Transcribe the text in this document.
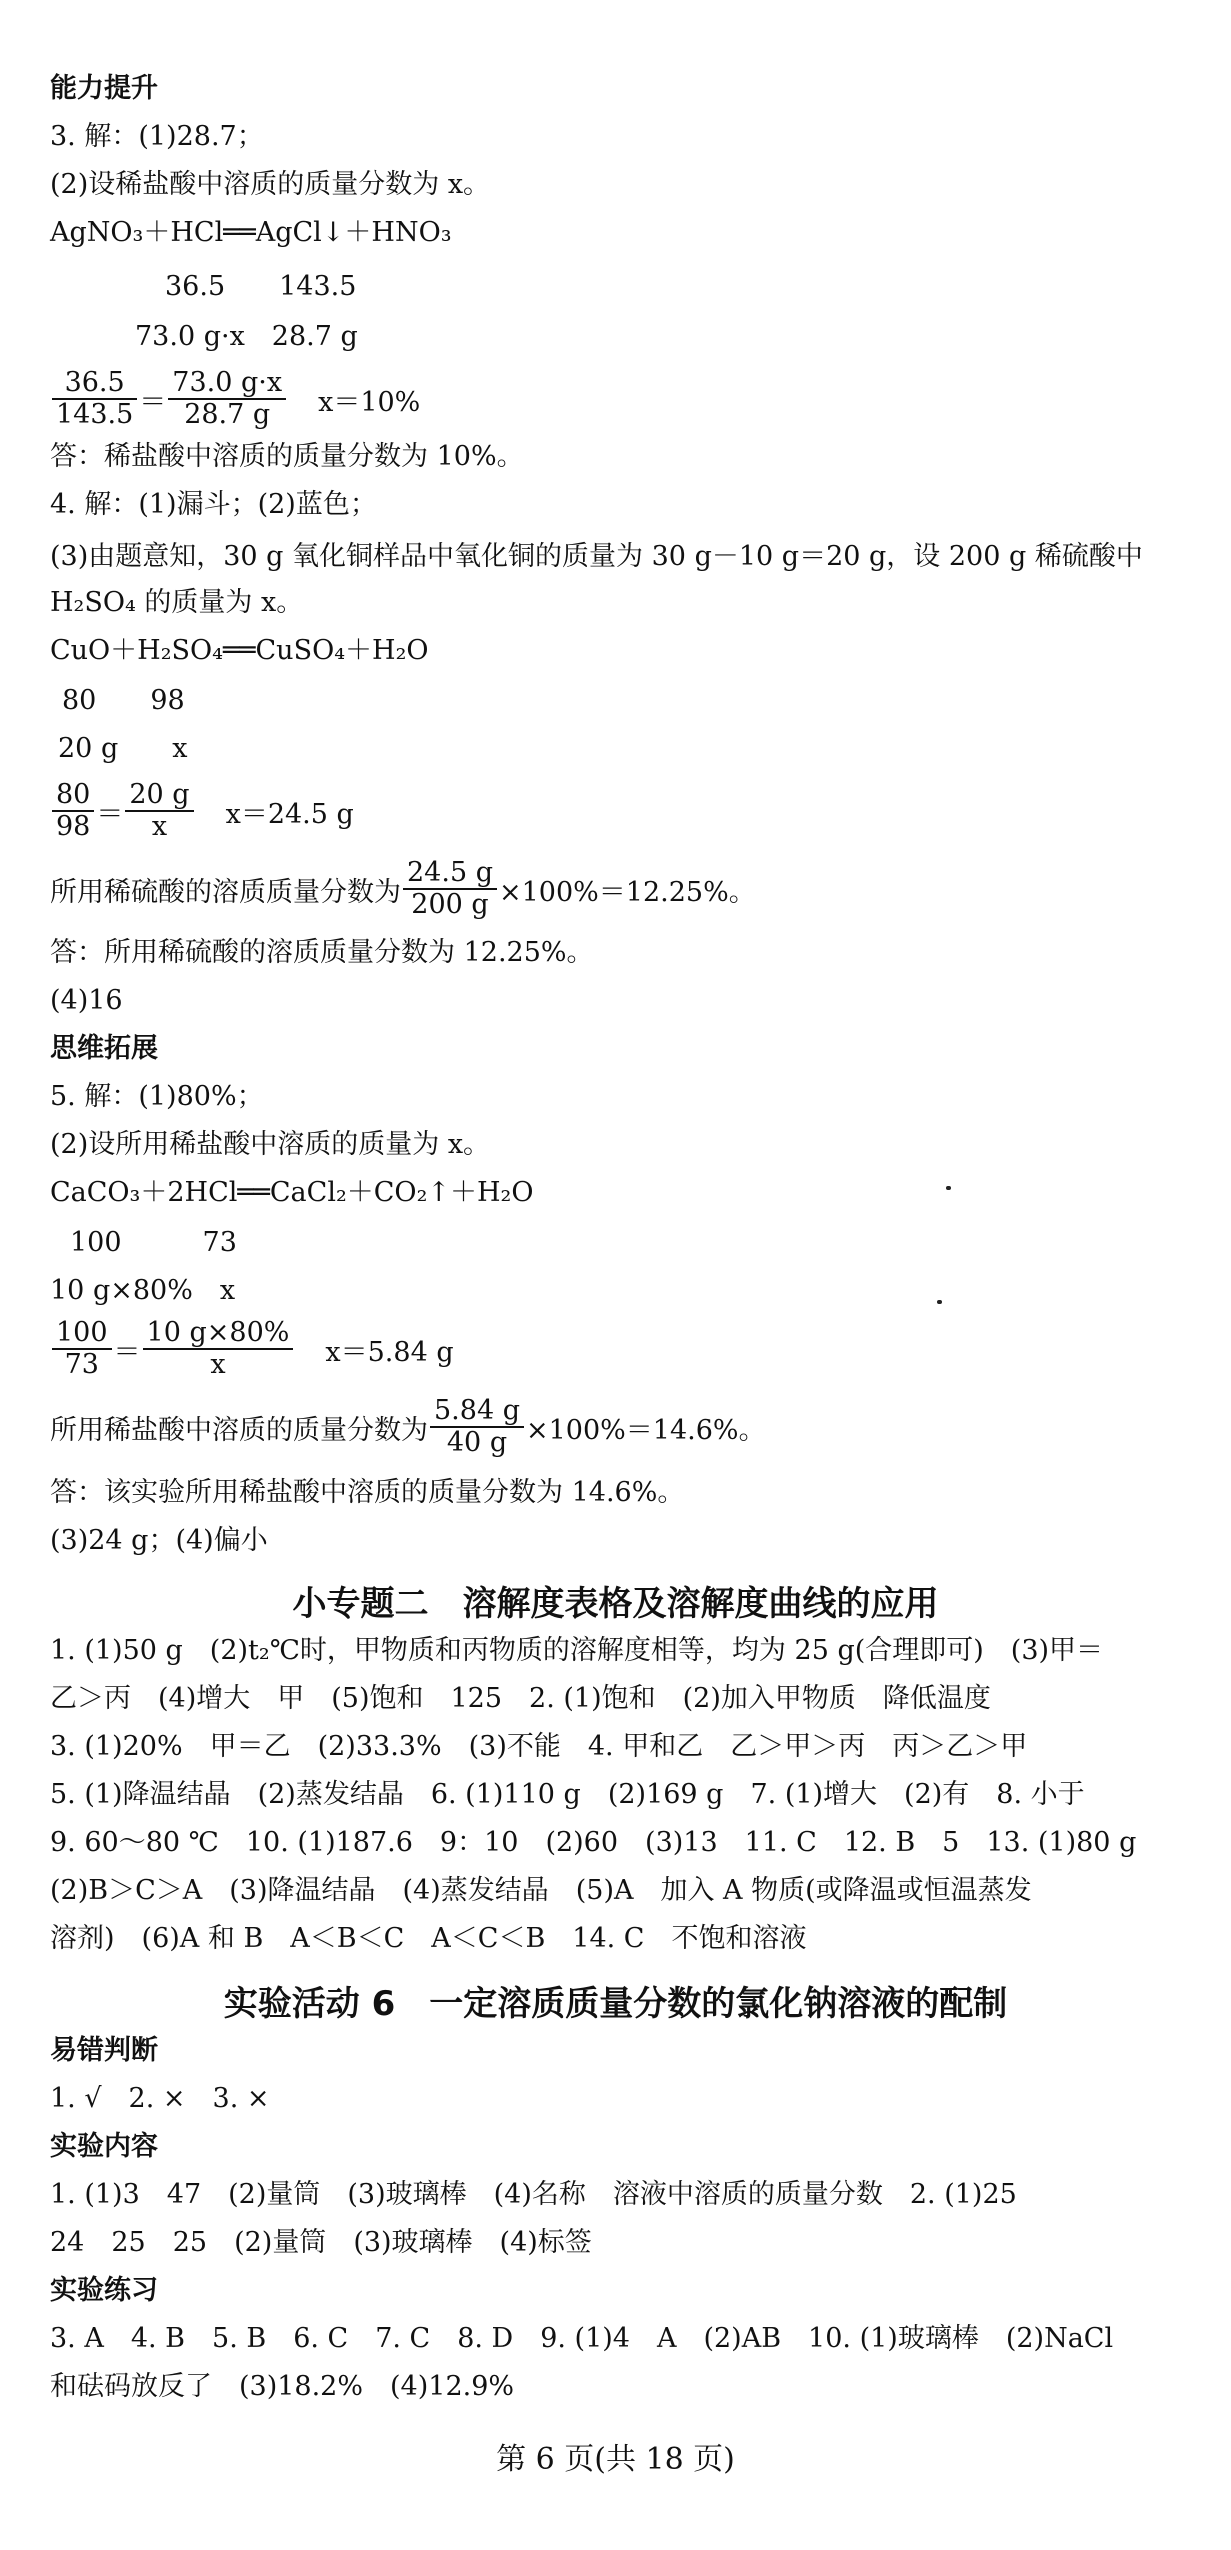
能力提升
3. 解：(1)28.7；
(2)设稀盐酸中溶质的质量分数为 x。
AgNO₃＋HCl══AgCl↓＋HNO₃
36.5　　143.5
73.0 g·x　28.7 g
$\frac{36.5}{143.5} = \frac{73.0 g\cdot x}{28.7 g} x=10\%$
答：稀盐酸中溶质的质量分数为 10%。
4. 解：(1)漏斗；(2)蓝色；
(3)由题意知，30 g 氧化铜样品中氧化铜的质量为 30 g－10 g＝20 g，设 200 g 稀硫酸中
H₂SO₄ 的质量为 x。
CuO＋H₂SO₄══CuSO₄＋H₂O
80　　98
20 g　　x
$\frac{80}{98} = \frac{20 g}{x} x=24.5$ g
所用稀硫酸的溶质质量分数为 $\frac{24.5 g}{200 g} \times 100\%=12.25\%$。
答：所用稀硫酸的溶质质量分数为 12.25%。
(4)16
思维拓展
5. 解：(1)80%；
(2)设所用稀盐酸中溶质的质量为 x。
CaCO₃＋2HCl══CaCl₂＋CO₂↑＋H₂O
100　　　73
10 g×80%　x
$\frac{100}{73} = \frac{10 g\times 80\%}{x} x=5.84$ g
所用稀盐酸中溶质的质量分数为 $\frac{5.84 g}{40 g} \times 100\%=14.6\%$。
答：该实验所用稀盐酸中溶质的质量分数为 14.6%。
(3)24 g；(4)偏小
小专题二　溶解度表格及溶解度曲线的应用
1. (1)50 g　(2)t₂℃时，甲物质和丙物质的溶解度相等，均为 25 g(合理即可)　(3)甲＝
乙＞丙　(4)增大　甲　(5)饱和　125　2. (1)饱和　(2)加入甲物质　降低温度
3. (1)20%　甲＝乙　(2)33.3%　(3)不能　4. 甲和乙　乙＞甲＞丙　丙＞乙＞甲
5. (1)降温结晶　(2)蒸发结晶　6. (1)110 g　(2)169 g　7. (1)增大　(2)有　8. 小于
9. 60～80 ℃　10. (1)187.6　9：10　(2)60　(3)13　11. C　12. B　5　13. (1)80 g
(2)B＞C＞A　(3)降温结晶　(4)蒸发结晶　(5)A　加入 A 物质(或降温或恒温蒸发
溶剂)　(6)A 和 B　A＜B＜C　A＜C＜B　14. C　不饱和溶液
实验活动 6　一定溶质质量分数的氯化钠溶液的配制
易错判断
1. √　2. ×　3. ×
实验内容
1. (1)3　47　(2)量筒　(3)玻璃棒　(4)名称　溶液中溶质的质量分数　2. (1)25
24　25　25　(2)量筒　(3)玻璃棒　(4)标签
实验练习
3. A　4. B　5. B　6. C　7. C　8. D　9. (1)4　A　(2)AB　10. (1)玻璃棒　(2)NaCl
和砝码放反了　(3)18.2%　(4)12.9%
第 6 页(共 18 页)
